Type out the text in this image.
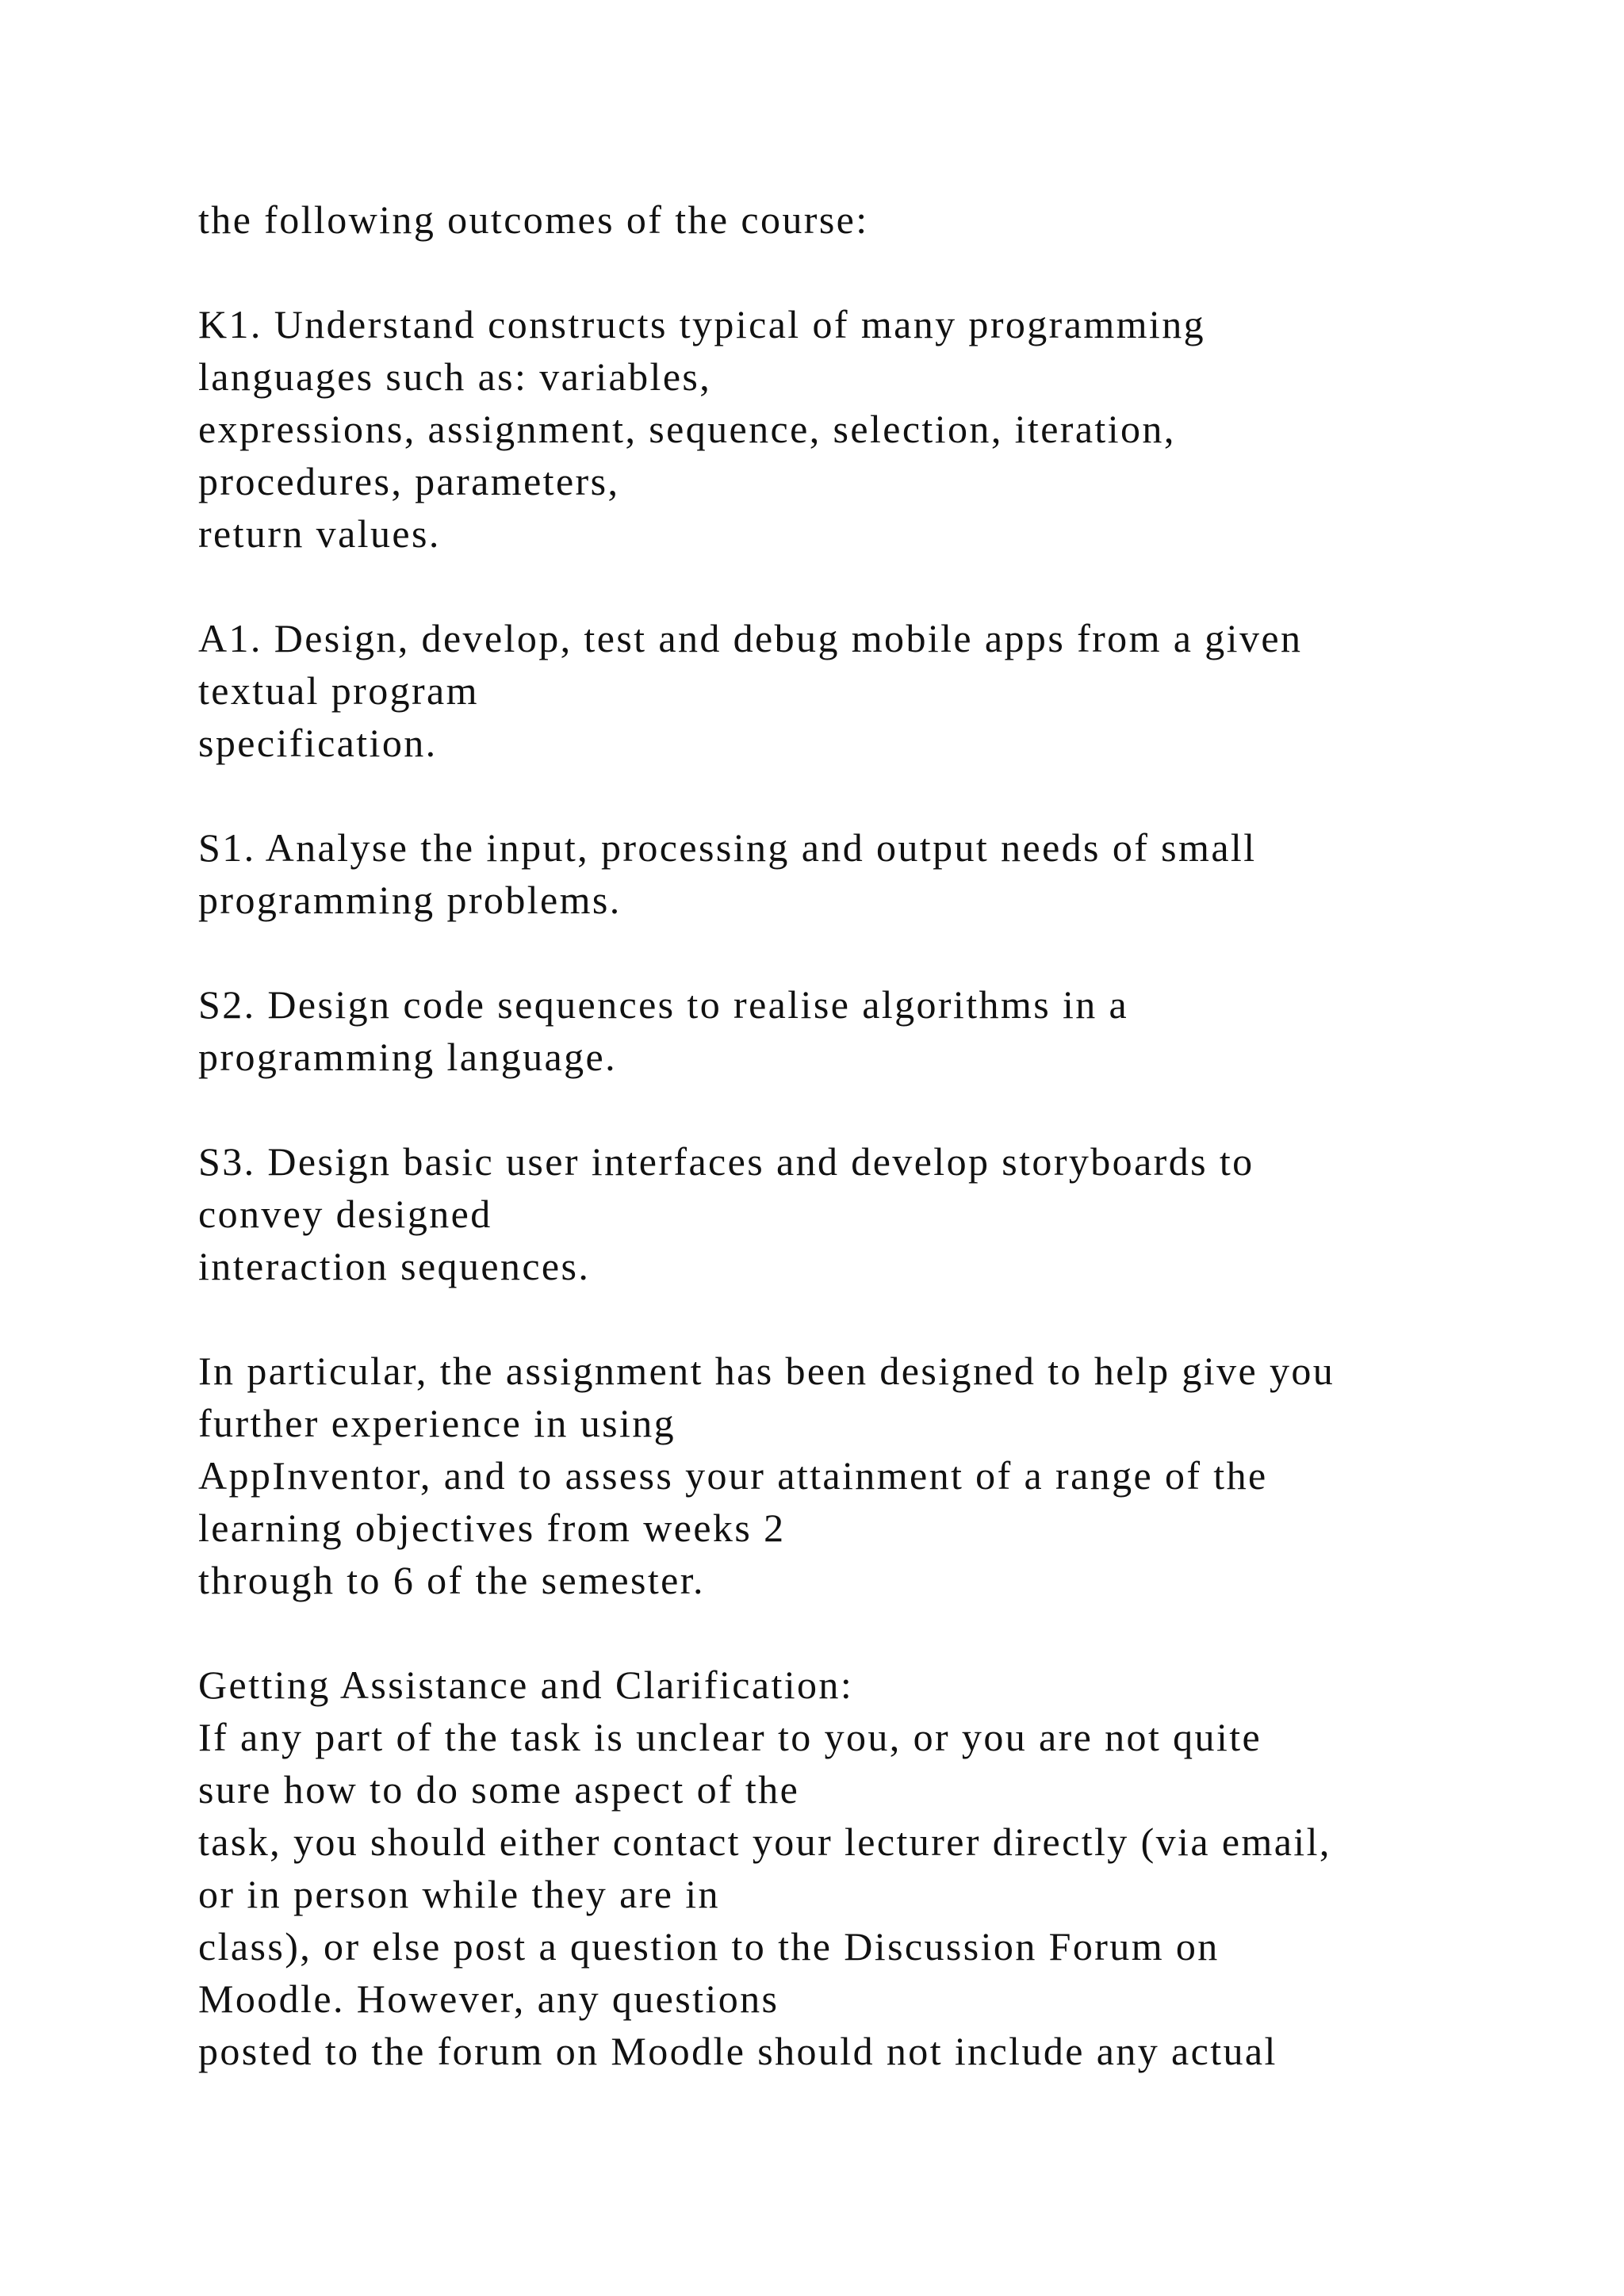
the following outcomes of the course:
K1. Understand constructs typical of many programming
languages such as: variables,
expressions, assignment, sequence, selection, iteration,
procedures, parameters,
return values.
A1. Design, develop, test and debug mobile apps from a given
textual program
specification.
S1. Analyse the input, processing and output needs of small
programming problems.
S2. Design code sequences to realise algorithms in a
programming language.
S3. Design basic user interfaces and develop storyboards to
convey designed
interaction sequences.
In particular, the assignment has been designed to help give you
further experience in using
AppInventor, and to assess your attainment of a range of the
learning objectives from weeks 2
through to 6 of the semester.
Getting Assistance and Clarification:
If any part of the task is unclear to you, or you are not quite
sure how to do some aspect of the
task, you should either contact your lecturer directly (via email,
or in person while they are in
class), or else post a question to the Discussion Forum on
Moodle. However, any questions
posted to the forum on Moodle should not include any actual
